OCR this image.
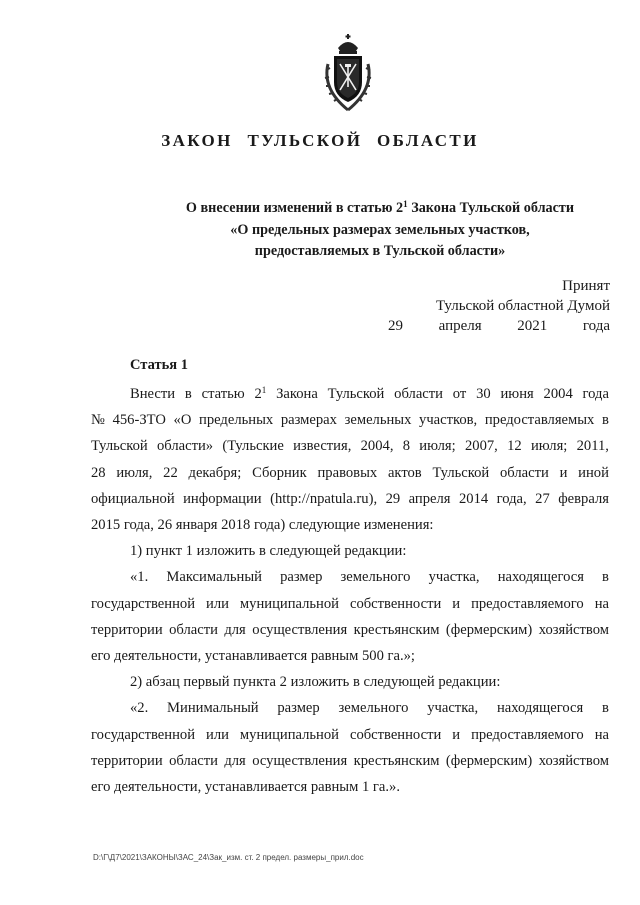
ЗАКОН ТУЛЬСКОЙ ОБЛАСТИ
О внесении изменений в статью $2^1$ Закона Тульской области
«О предельных размерах земельных участков,
предоставляемых в Тульской области»
Принят
Тульской областной Думой
29 апреля 2021 года
Статья 1
Внести в статью $2^1$ Закона Тульской области от 30 июня 2004 года
№ 456-ЗТО «О предельных размерах земельных участков, предоставляемых в
Тульской области» (Тульские известия, 2004, 8 июля; 2007, 12 июля; 2011,
28 июля, 22 декабря; Сборник правовых актов Тульской области и иной
официальной информации (http://npatula.ru), 29 апреля 2014 года, 27 февраля
2015 года, 26 января 2018 года) следующие изменения:
1) пункт 1 изложить в следующей редакции:
«1. Максимальный размер земельного участка, находящегося в
государственной или муниципальной собственности и предоставляемого на
территории области для осуществления крестьянским (фермерским) хозяйством
его деятельности, устанавливается равным 500 га.»;
2) абзац первый пункта 2 изложить в следующей редакции:
«2. Минимальный размер земельного участка, находящегося в
государственной или муниципальной собственности и предоставляемого на
территории области для осуществления крестьянским (фермерским) хозяйством
его деятельности, устанавливается равным 1 га.».
D:\Г\Д7\2021\ЗАКОНЫ\ЗАС_24\Зак_изм. ст. 2 предел. размеры_прил.doc
